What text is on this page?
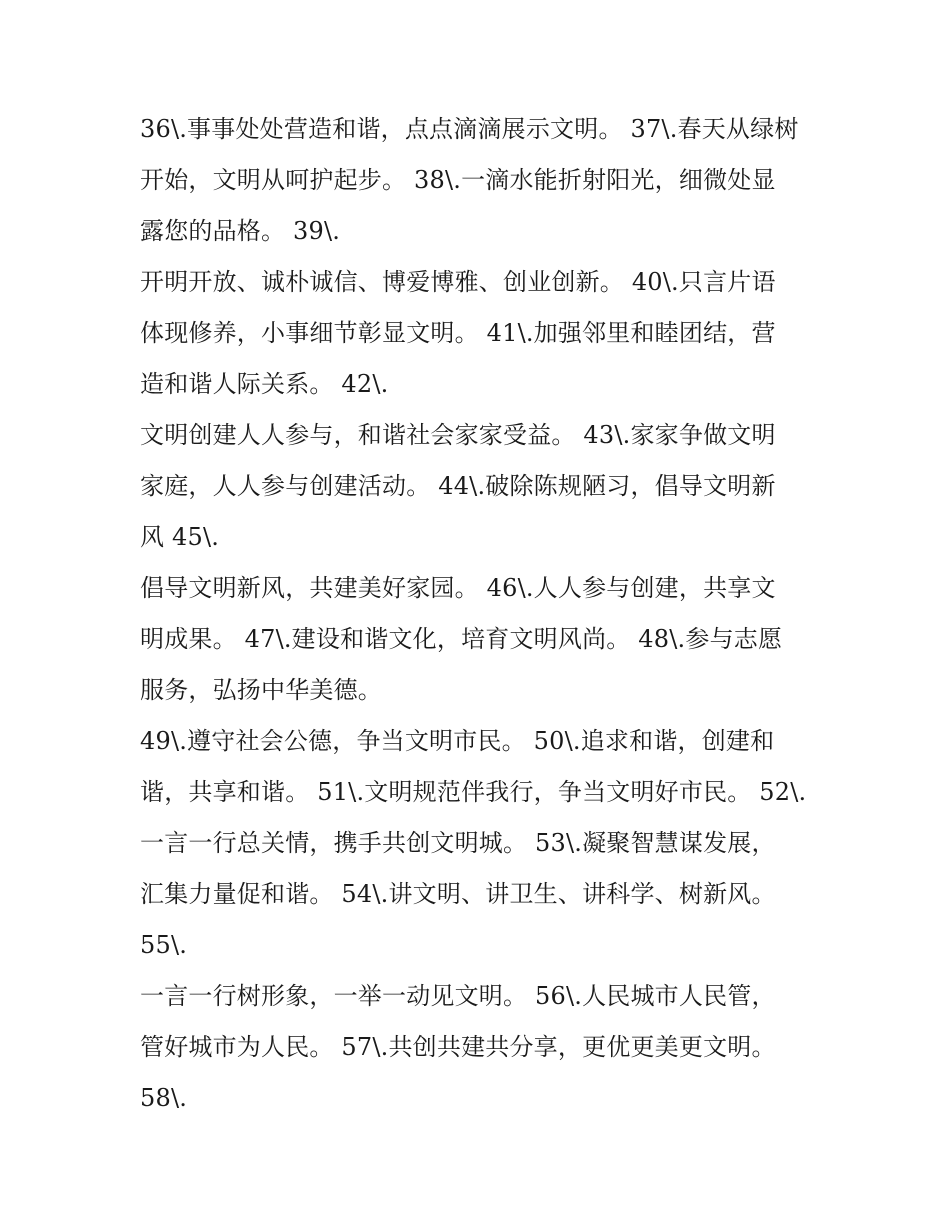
36\.事事处处营造和谐，点点滴滴展示文明。 37\.春天从绿树
开始，文明从呵护起步。 38\.一滴水能折射阳光，细微处显
露您的品格。 39\.
开明开放、诚朴诚信、博爱博雅、创业创新。 40\.只言片语
体现修养，小事细节彰显文明。 41\.加强邻里和睦团结，营
造和谐人际关系。 42\.
文明创建人人参与，和谐社会家家受益。 43\.家家争做文明
家庭，人人参与创建活动。 44\.破除陈规陋习，倡导文明新
风 45\.
倡导文明新风，共建美好家园。 46\.人人参与创建，共享文
明成果。 47\.建设和谐文化，培育文明风尚。 48\.参与志愿
服务，弘扬中华美德。
49\.遵守社会公德，争当文明市民。 50\.追求和谐，创建和
谐，共享和谐。 51\.文明规范伴我行，争当文明好市民。 52\.
一言一行总关情，携手共创文明城。 53\.凝聚智慧谋发展，
汇集力量促和谐。 54\.讲文明、讲卫生、讲科学、树新风。
55\.
一言一行树形象，一举一动见文明。 56\.人民城市人民管，
管好城市为人民。 57\.共创共建共分享，更优更美更文明。
58\.
